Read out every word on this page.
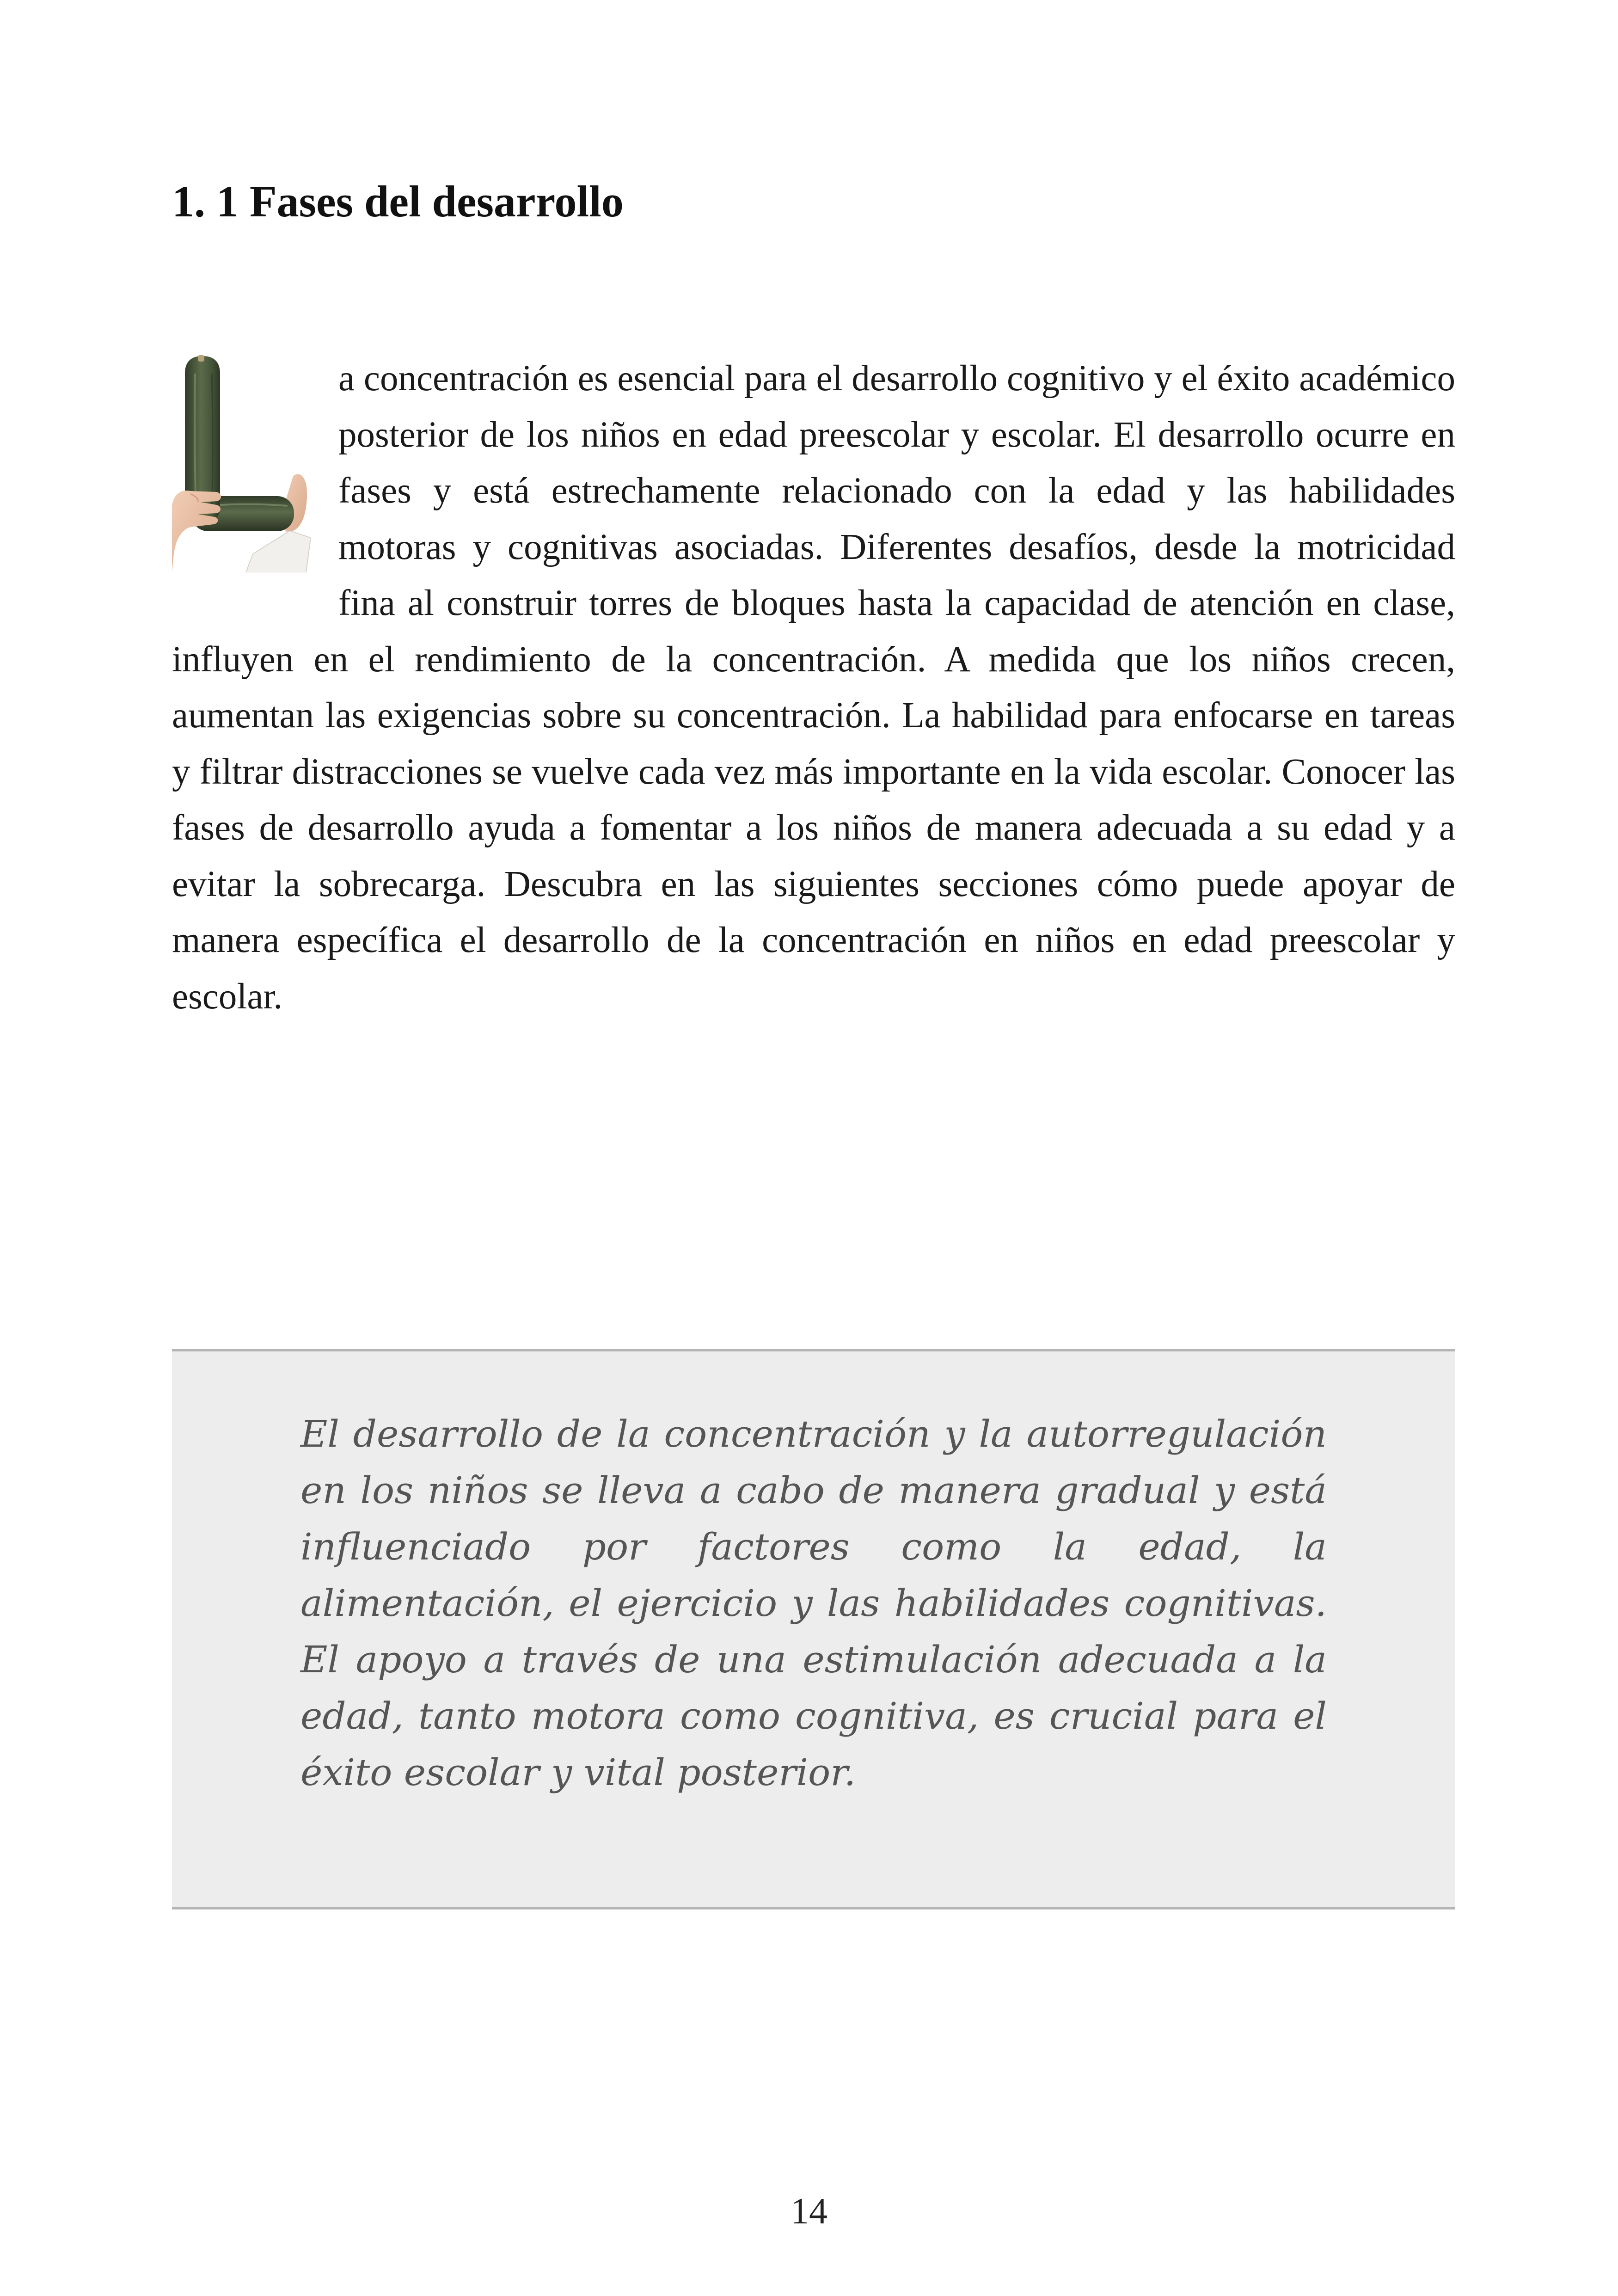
1. 1 Fases del desarrollo

a concentración es esencial para el desarrollo cognitivo y el éxito académico posterior de los niños en edad preescolar y escolar. El desarrollo ocurre en fases y está estrechamente relacionado con la edad y las habilidades motoras y cognitivas asociadas. Diferentes desafíos, desde la motricidad fina al construir torres de bloques hasta la capacidad de atención en clase, influyen en el rendimiento de la concentración. A medida que los niños crecen, aumentan las exigencias sobre su concentración. La habilidad para enfocarse en tareas y filtrar distracciones se vuelve cada vez más importante en la vida escolar. Conocer las fases de desarrollo ayuda a fomentar a los niños de manera adecuada a su edad y a evitar la sobrecarga. Descubra en las siguientes secciones cómo puede apoyar de manera específica el desarrollo de la concentración en niños en edad preescolar y escolar.

El desarrollo de la concentración y la autorregulación en los niños se lleva a cabo de manera gradual y está influenciado por factores como la edad, la alimentación, el ejercicio y las habilidades cognitivas. El apoyo a través de una estimulación adecuada a la edad, tanto motora como cognitiva, es crucial para el éxito escolar y vital posterior.

14
